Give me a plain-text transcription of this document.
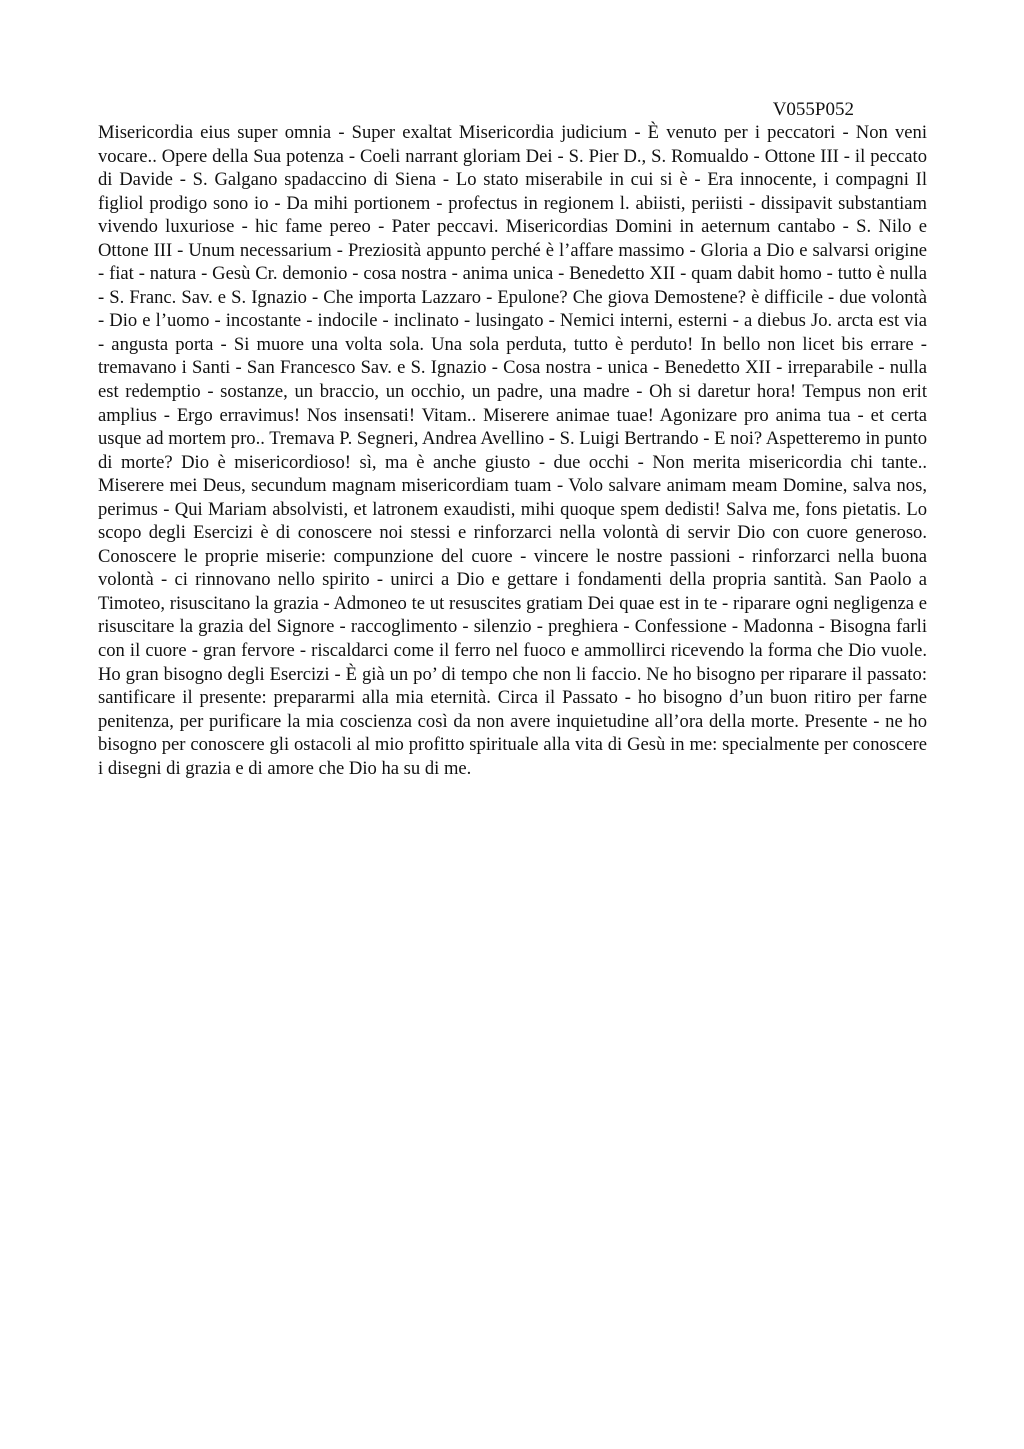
V055P052

Misericordia eius super omnia - Super exaltat Misericordia judicium - È venuto per i peccatori - Non veni vocare.. Opere della Sua potenza - Coeli narrant gloriam Dei - S. Pier D., S. Romualdo - Ottone III - il peccato di Davide - S. Galgano spadaccino di Siena - Lo stato miserabile in cui si è - Era innocente, i compagni Il figliol prodigo sono io - Da mihi portionem - profectus in regionem l. abiisti, periisti - dissipavit substantiam vivendo luxuriose - hic fame pereo - Pater peccavi. Misericordias Domini in aeternum cantabo - S. Nilo e Ottone III - Unum necessarium - Preziosità appunto perché è l’affare massimo - Gloria a Dio e salvarsi origine - fiat - natura - Gesù Cr. demonio - cosa nostra - anima unica - Benedetto XII - quam dabit homo - tutto è nulla - S. Franc. Sav. e S. Ignazio - Che importa Lazzaro - Epulone? Che giova Demostene? è difficile - due volontà - Dio e l’uomo - incostante - indocile - inclinato - lusingato - Nemici interni, esterni - a diebus Jo. arcta est via - angusta porta - Si muore una volta sola. Una sola perduta, tutto è perduto! In bello non licet bis errare - tremavano i Santi - San Francesco Sav. e S. Ignazio - Cosa nostra - unica - Benedetto XII - irreparabile - nulla est redemptio - sostanze, un braccio, un occhio, un padre, una madre - Oh si daretur hora! Tempus non erit amplius - Ergo erravimus! Nos insensati! Vitam.. Miserere animae tuae! Agonizare pro anima tua - et certa usque ad mortem pro.. Tremava P. Segneri, Andrea Avellino - S. Luigi Bertrando - E noi? Aspetteremo in punto di morte? Dio è misericordioso! sì, ma è anche giusto - due occhi - Non merita misericordia chi tante.. Miserere mei Deus, secundum magnam misericordiam tuam - Volo salvare animam meam Domine, salva nos, perimus - Qui Mariam absolvisti, et latronem exaudisti, mihi quoque spem dedisti! Salva me, fons pietatis. Lo scopo degli Esercizi è di conoscere noi stessi e rinforzarci nella volontà di servir Dio con cuore generoso. Conoscere le proprie miserie: compunzione del cuore - vincere le nostre passioni - rinforzarci nella buona volontà - ci rinnovano nello spirito - unirci a Dio e gettare i fondamenti della propria santità. San Paolo a Timoteo, risuscitano la grazia - Admoneo te ut resuscites gratiam Dei quae est in te - riparare ogni negligenza e risuscitare la grazia del Signore - raccoglimento - silenzio - preghiera - Confessione - Madonna - Bisogna farli con il cuore - gran fervore - riscaldarci come il ferro nel fuoco e ammollirci ricevendo la forma che Dio vuole. Ho gran bisogno degli Esercizi - È già un po’ di tempo che non li faccio. Ne ho bisogno per riparare il passato: santificare il presente: prepararmi alla mia eternità. Circa il Passato - ho bisogno d’un buon ritiro per farne penitenza, per purificare la mia coscienza così da non avere inquietudine all’ora della morte. Presente - ne ho bisogno per conoscere gli ostacoli al mio profitto spirituale alla vita di Gesù in me: specialmente per conoscere i disegni di grazia e di amore che Dio ha su di me.
